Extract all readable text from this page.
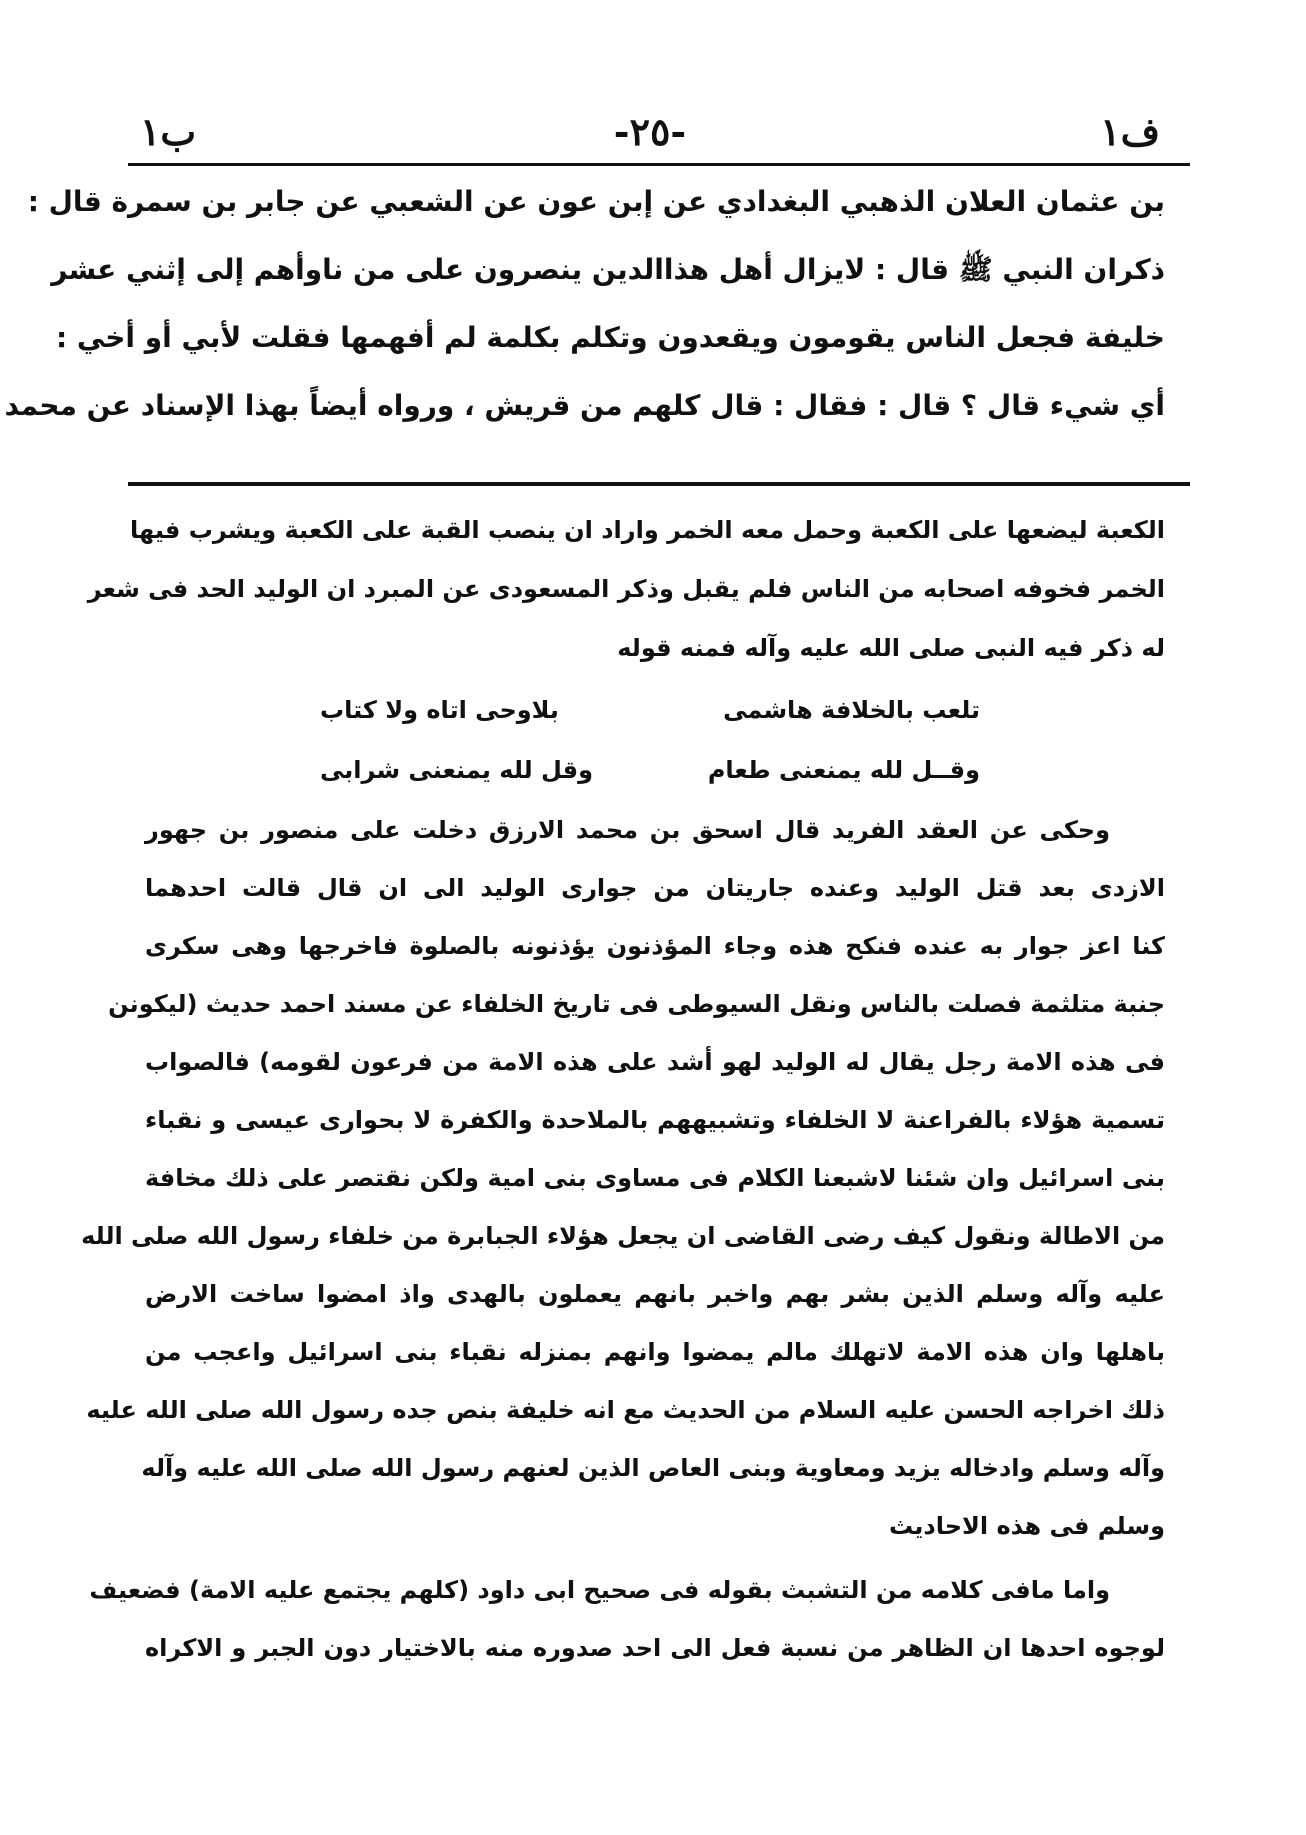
ب١	-٢٥-	ف١
بن عثمان العلان الذهبي البغدادي عن إبن عون عن الشعبي عن جابر بن سمرة قال :
ذكران النبي ﷺ قال : لايزال أهل هذاالدين ينصرون على من ناوأهم إلى إثني عشر
خليفة فجعل الناس يقومون ويقعدون وتكلم بكلمة لم أفهمها فقلت لأبي أو أخي :
أي شيء قال ؟ قال : فقال : قال كلهم من قريش ، ورواه أيضاً بهذا الإسناد عن محمد
الكعبة ليضعها على الكعبة وحمل معه الخمر واراد ان ينصب القبة على الكعبة ويشرب فيها
الخمر فخوفه اصحابه من الناس فلم يقبل وذكر المسعودى عن المبرد ان الوليد الحد فى شعر
له ذكر فيه النبى صلى الله عليه وآله فمنه قوله
تلعب بالخلافة هاشمى
بلاوحى اتاه ولا كتاب
وقــل لله يمنعنى طعام
وقل لله يمنعنى شرابى
وحكى عن العقد الفريد قال اسحق بن محمد الارزق دخلت على منصور بن جهور
الازدى بعد قتل الوليد وعنده جاريتان من جوارى الوليد الى ان قال قالت احدهما
كنا اعز جوار به عنده فنكح هذه وجاء المؤذنون يؤذنونه بالصلوة فاخرجها وهى سكرى
جنبة متلثمة فصلت بالناس ونقل السيوطى فى تاريخ الخلفاء عن مسند احمد حديث (ليكونن
فى هذه الامة رجل يقال له الوليد لهو أشد على هذه الامة من فرعون لقومه) فالصواب
تسمية هؤلاء بالفراعنة لا الخلفاء وتشبيههم بالملاحدة والكفرة لا بحوارى عيسى و نقباء
بنى اسرائيل وان شئنا لاشبعنا الكلام فى مساوى بنى امية ولكن نقتصر على ذلك مخافة
من الاطالة ونقول كيف رضى القاضى ان يجعل هؤلاء الجبابرة من خلفاء رسول الله صلى الله
عليه وآله وسلم الذين بشر بهم واخبر بانهم يعملون بالهدى واذ امضوا ساخت الارض
باهلها وان هذه الامة لاتهلك مالم يمضوا وانهم بمنزله نقباء بنى اسرائيل واعجب من
ذلك اخراجه الحسن عليه السلام من الحديث مع انه خليفة بنص جده رسول الله صلى الله عليه
وآله وسلم وادخاله يزيد ومعاوية وبنى العاص الذين لعنهم رسول الله صلى الله عليه وآله
وسلم فى هذه الاحاديث
واما مافى كلامه من التشبث بقوله فى صحيح ابى داود (كلهم يجتمع عليه الامة) فضعيف
لوجوه احدها ان الظاهر من نسبة فعل الى احد صدوره منه بالاختيار دون الجبر و الاكراه
